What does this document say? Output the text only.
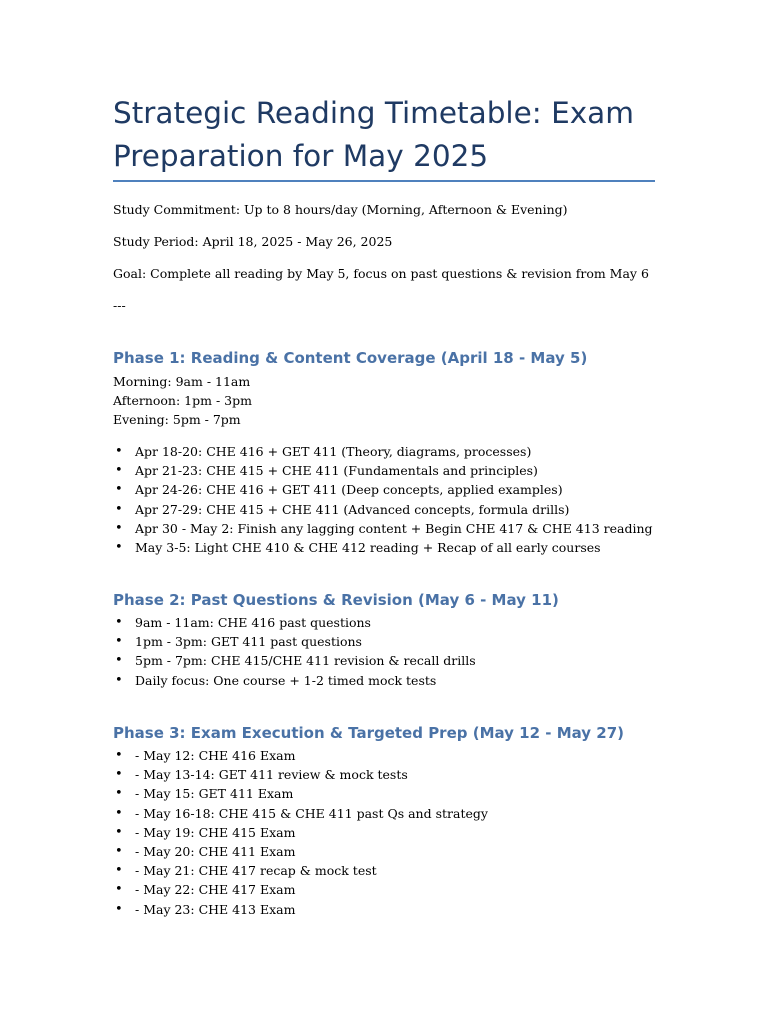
Strategic Reading Timetable: Exam Preparation for May 2025

Study Commitment: Up to 8 hours/day (Morning, Afternoon & Evening)

Study Period: April 18, 2025 - May 26, 2025

Goal: Complete all reading by May 5, focus on past questions & revision from May 6

---

Phase 1: Reading & Content Coverage (April 18 - May 5)
Morning: 9am - 11am
Afternoon: 1pm - 3pm
Evening: 5pm - 7pm
• Apr 18-20: CHE 416 + GET 411 (Theory, diagrams, processes)
• Apr 21-23: CHE 415 + CHE 411 (Fundamentals and principles)
• Apr 24-26: CHE 416 + GET 411 (Deep concepts, applied examples)
• Apr 27-29: CHE 415 + CHE 411 (Advanced concepts, formula drills)
• Apr 30 - May 2: Finish any lagging content + Begin CHE 417 & CHE 413 reading
• May 3-5: Light CHE 410 & CHE 412 reading + Recap of all early courses
Phase 2: Past Questions & Revision (May 6 - May 11)
• 9am - 11am: CHE 416 past questions
• 1pm - 3pm: GET 411 past questions
• 5pm - 7pm: CHE 415/CHE 411 revision & recall drills
• Daily focus: One course + 1-2 timed mock tests
Phase 3: Exam Execution & Targeted Prep (May 12 - May 27)
• - May 12: CHE 416 Exam
• - May 13-14: GET 411 review & mock tests
• - May 15: GET 411 Exam
• - May 16-18: CHE 415 & CHE 411 past Qs and strategy
• - May 19: CHE 415 Exam
• - May 20: CHE 411 Exam
• - May 21: CHE 417 recap & mock test
• - May 22: CHE 417 Exam
• - May 23: CHE 413 Exam
